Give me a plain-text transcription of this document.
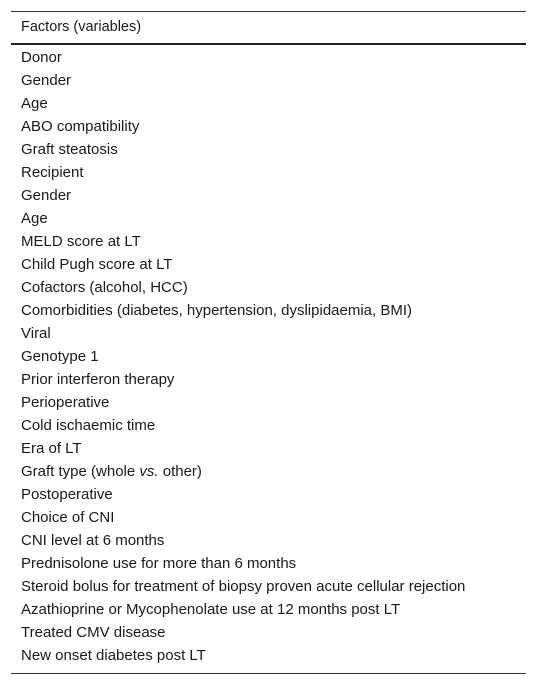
Factors (variables)
Donor
Gender
Age
ABO compatibility
Graft steatosis
Recipient
Gender
Age
MELD score at LT
Child Pugh score at LT
Cofactors (alcohol, HCC)
Comorbidities (diabetes, hypertension, dyslipidaemia, BMI)
Viral
Genotype 1
Prior interferon therapy
Perioperative
Cold ischaemic time
Era of LT
Graft type (whole vs. other)
Postoperative
Choice of CNI
CNI level at 6 months
Prednisolone use for more than 6 months
Steroid bolus for treatment of biopsy proven acute cellular rejection
Azathioprine or Mycophenolate use at 12 months post LT
Treated CMV disease
New onset diabetes post LT
